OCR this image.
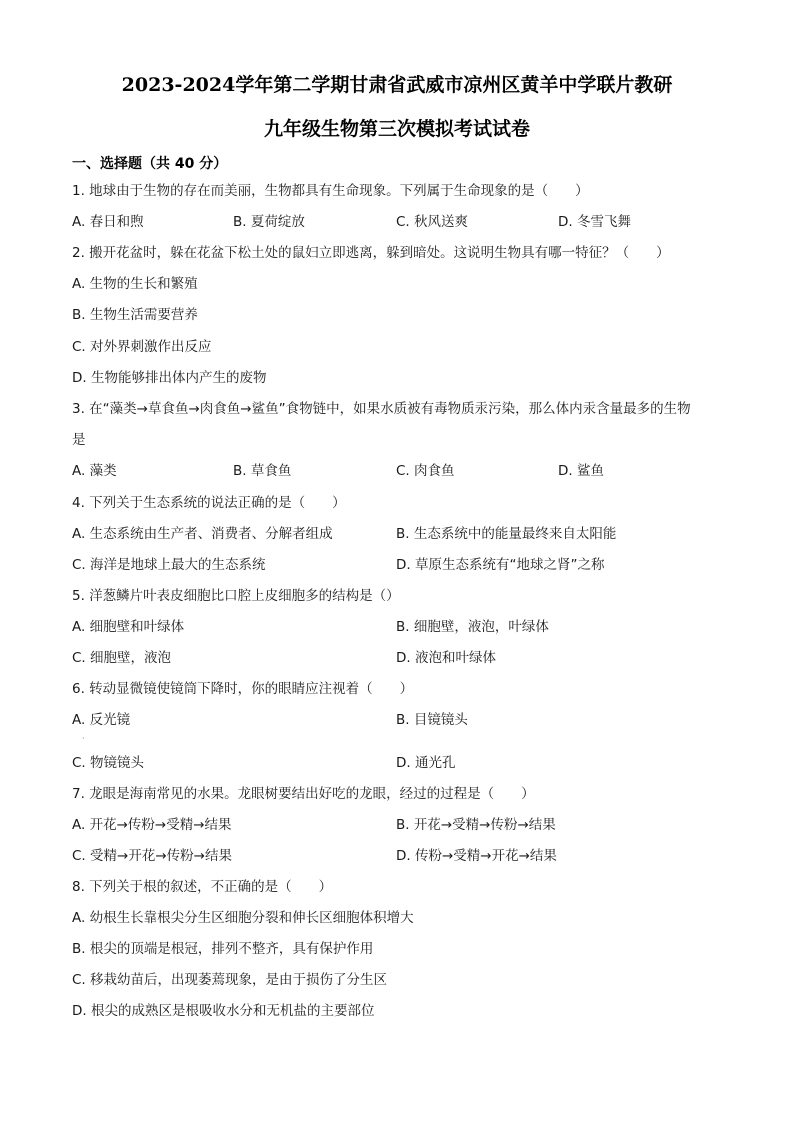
2023-2024学年第二学期甘肃省武威市凉州区黄羊中学联片教研
九年级生物第三次模拟考试试卷
一、选择题（共 40 分）
1. 地球由于生物的存在而美丽，生物都具有生命现象。下列属于生命现象的是（　　）
A. 春日和煦	B. 夏荷绽放	C. 秋风送爽	D. 冬雪飞舞
2. 搬开花盆时，躲在花盆下松土处的鼠妇立即逃离，躲到暗处。这说明生物具有哪一特征？（　　）
A. 生物的生长和繁殖
B. 生物生活需要营养
C. 对外界刺激作出反应
D. 生物能够排出体内产生的废物
3. 在“藻类→草食鱼→肉食鱼→鲨鱼”食物链中，如果水质被有毒物质汞污染，那么体内汞含量最多的生物
是
A. 藻类	B. 草食鱼	C. 肉食鱼	D. 鲨鱼
4. 下列关于生态系统的说法正确的是（　　）
A. 生态系统由生产者、消费者、分解者组成	B. 生态系统中的能量最终来自太阳能
C. 海洋是地球上最大的生态系统	D. 草原生态系统有“地球之肾”之称
5. 洋葱鳞片叶表皮细胞比口腔上皮细胞多的结构是（）
A. 细胞壁和叶绿体	B. 细胞壁，液泡，叶绿体
C. 细胞壁，液泡	D. 液泡和叶绿体
6. 转动显微镜使镜筒下降时，你的眼睛应注视着（　　）
A. 反光镜	B. 目镜镜头
·
C. 物镜镜头	D. 通光孔
7. 龙眼是海南常见的水果。龙眼树要结出好吃的龙眼，经过的过程是（　　）
A. 开花→传粉→受精→结果	B. 开花→受精→传粉→结果
C. 受精→开花→传粉→结果	D. 传粉→受精→开花→结果
8. 下列关于根的叙述，不正确的是（　　）
A. 幼根生长靠根尖分生区细胞分裂和伸长区细胞体积增大
B. 根尖的顶端是根冠，排列不整齐，具有保护作用
C. 移栽幼苗后，出现萎蔫现象，是由于损伤了分生区
D. 根尖的成熟区是根吸收水分和无机盐的主要部位
